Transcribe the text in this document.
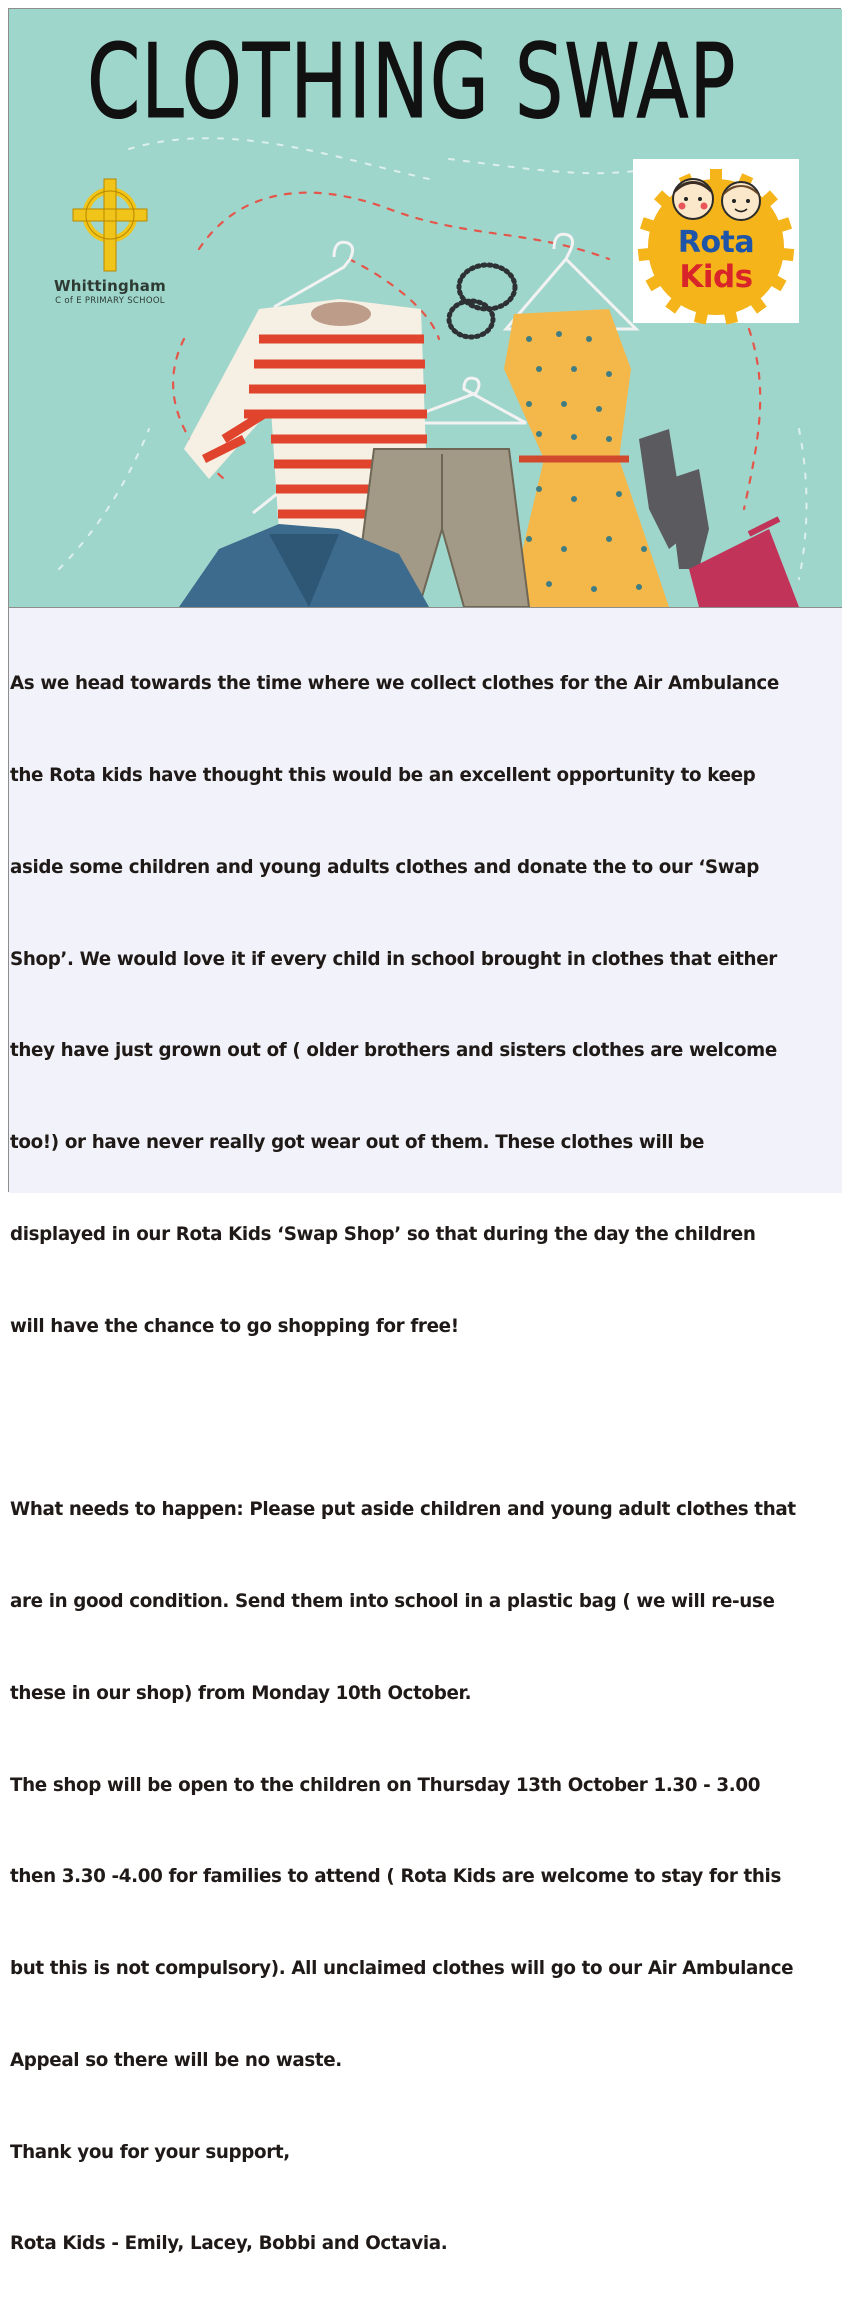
CLOTHING SWAP
Whittingham
C of E PRIMARY SCHOOL
Rota
Kids

As we head towards the time where we collect clothes for the Air Ambulance

the Rota kids have thought this would be an excellent opportunity to keep

aside some children and young adults clothes and donate the to our ‘Swap

Shop’. We would love it if every child in school brought in clothes that either

they have just grown out of ( older brothers and sisters clothes are welcome

too!) or have never really got wear out of them. These clothes will be

displayed in our Rota Kids ‘Swap Shop’ so that during the day the children

will have the chance to go shopping for free!

What needs to happen: Please put aside children and young adult clothes that

are in good condition. Send them into school in a plastic bag ( we will re-use

these in our shop) from Monday 10th October.

The shop will be open to the children on Thursday 13th October 1.30 - 3.00

then 3.30 -4.00 for families to attend ( Rota Kids are welcome to stay for this

but this is not compulsory). All unclaimed clothes will go to our Air Ambulance

Appeal so there will be no waste.

Thank you for your support,

Rota Kids - Emily, Lacey, Bobbi and Octavia.
